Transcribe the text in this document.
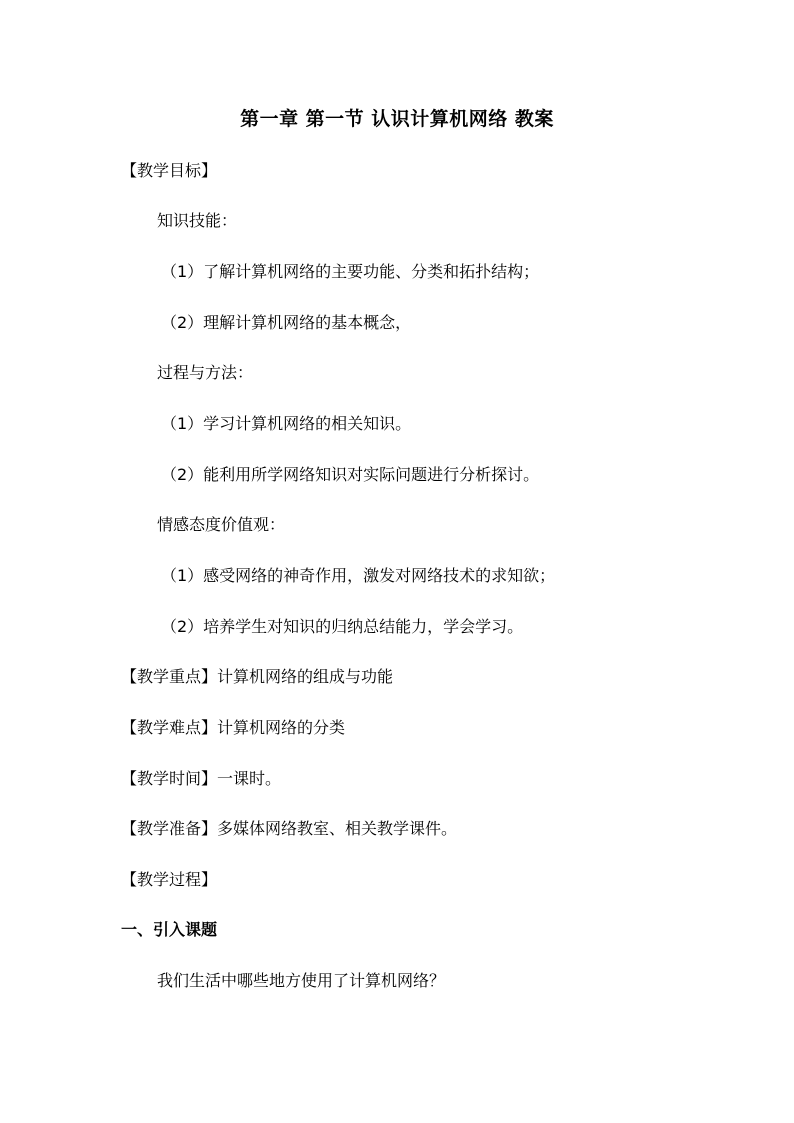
第一章 第一节 认识计算机网络 教案
【教学目标】
知识技能：
（1）了解计算机网络的主要功能、分类和拓扑结构；
（2）理解计算机网络的基本概念，
过程与方法：
（1）学习计算机网络的相关知识。
（2）能利用所学网络知识对实际问题进行分析探讨。
情感态度价值观：
（1）感受网络的神奇作用，激发对网络技术的求知欲；
（2）培养学生对知识的归纳总结能力，学会学习。
【教学重点】计算机网络的组成与功能
【教学难点】计算机网络的分类
【教学时间】一课时。
【教学准备】多媒体网络教室、相关教学课件。
【教学过程】
一、引入课题
我们生活中哪些地方使用了计算机网络？
